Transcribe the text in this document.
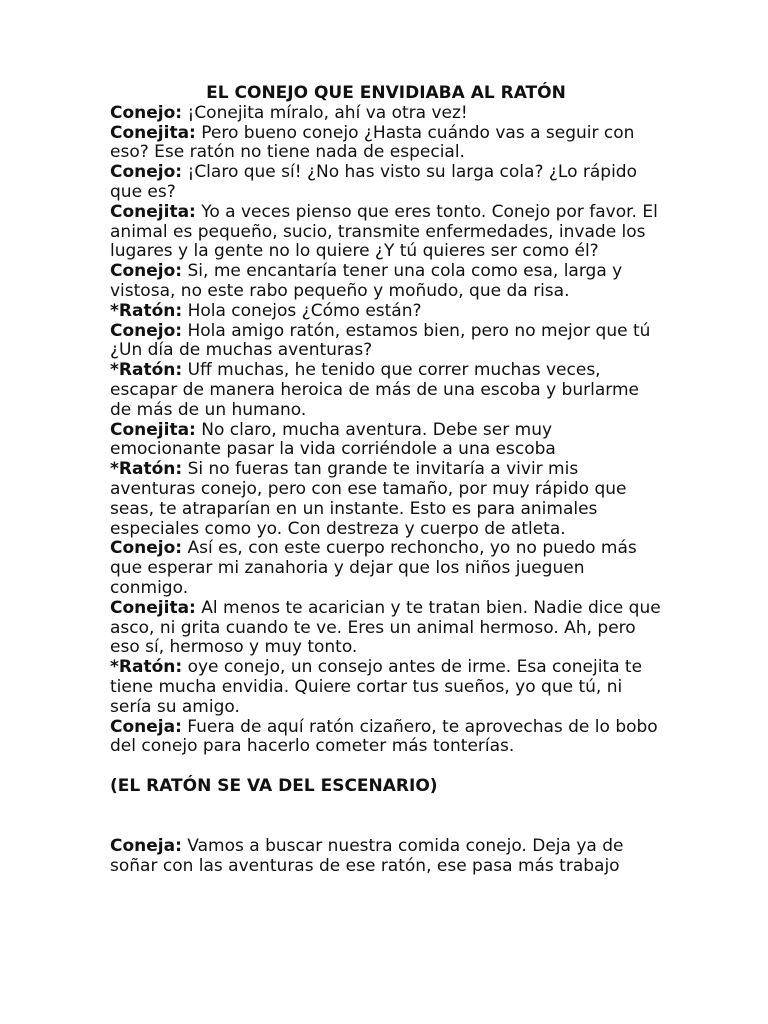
EL CONEJO QUE ENVIDIABA AL RATÓN

Conejo: ¡Conejita míralo, ahí va otra vez!

Conejita: Pero bueno conejo ¿Hasta cuándo vas a seguir con eso? Ese ratón no tiene nada de especial.

Conejo: ¡Claro que sí! ¿No has visto su larga cola? ¿Lo rápido que es?

Conejita: Yo a veces pienso que eres tonto. Conejo por favor. El animal es pequeño, sucio, transmite enfermedades, invade los lugares y la gente no lo quiere ¿Y tú quieres ser como él?

Conejo: Si, me encantaría tener una cola como esa, larga y vistosa, no este rabo pequeño y moñudo, que da risa.

*Ratón: Hola conejos ¿Cómo están?

Conejo: Hola amigo ratón, estamos bien, pero no mejor que tú ¿Un día de muchas aventuras?

*Ratón: Uff muchas, he tenido que correr muchas veces, escapar de manera heroica de más de una escoba y burlarme de más de un humano.

Conejita: No claro, mucha aventura. Debe ser muy emocionante pasar la vida corriéndole a una escoba

*Ratón: Si no fueras tan grande te invitaría a vivir mis aventuras conejo, pero con ese tamaño, por muy rápido que seas, te atraparían en un instante. Esto es para animales especiales como yo. Con destreza y cuerpo de atleta.

Conejo: Así es, con este cuerpo rechoncho, yo no puedo más que esperar mi zanahoria y dejar que los niños jueguen conmigo.

Conejita: Al menos te acarician y te tratan bien. Nadie dice que asco, ni grita cuando te ve. Eres un animal hermoso. Ah, pero eso sí, hermoso y muy tonto.

*Ratón: oye conejo, un consejo antes de irme. Esa conejita te tiene mucha envidia. Quiere cortar tus sueños, yo que tú, ni sería su amigo.

Coneja: Fuera de aquí ratón cizañero, te aprovechas de lo bobo del conejo para hacerlo cometer más tonterías.

(EL RATÓN SE VA DEL ESCENARIO)

Coneja: Vamos a buscar nuestra comida conejo. Deja ya de soñar con las aventuras de ese ratón, ese pasa más trabajo
